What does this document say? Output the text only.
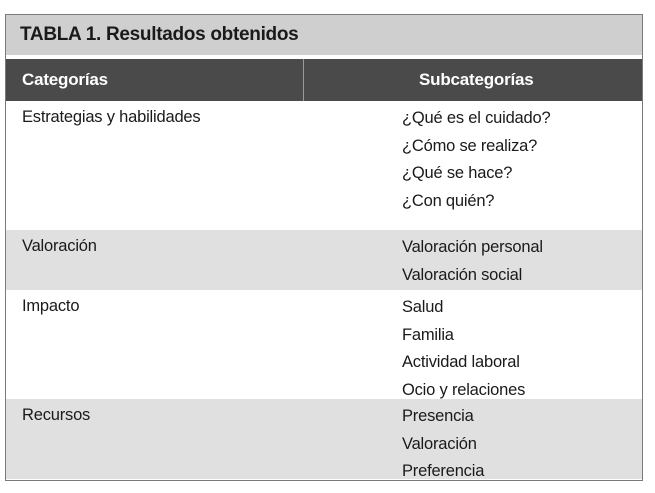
TABLA 1. Resultados obtenidos
Categorías	Subcategorías
Estrategias y habilidades	¿Qué es el cuidado?
¿Cómo se realiza?
¿Qué se hace?
¿Con quién?
Valoración	Valoración personal
Valoración social
Impacto	Salud
Familia
Actividad laboral
Ocio y relaciones
Recursos	Presencia
Valoración
Preferencia
